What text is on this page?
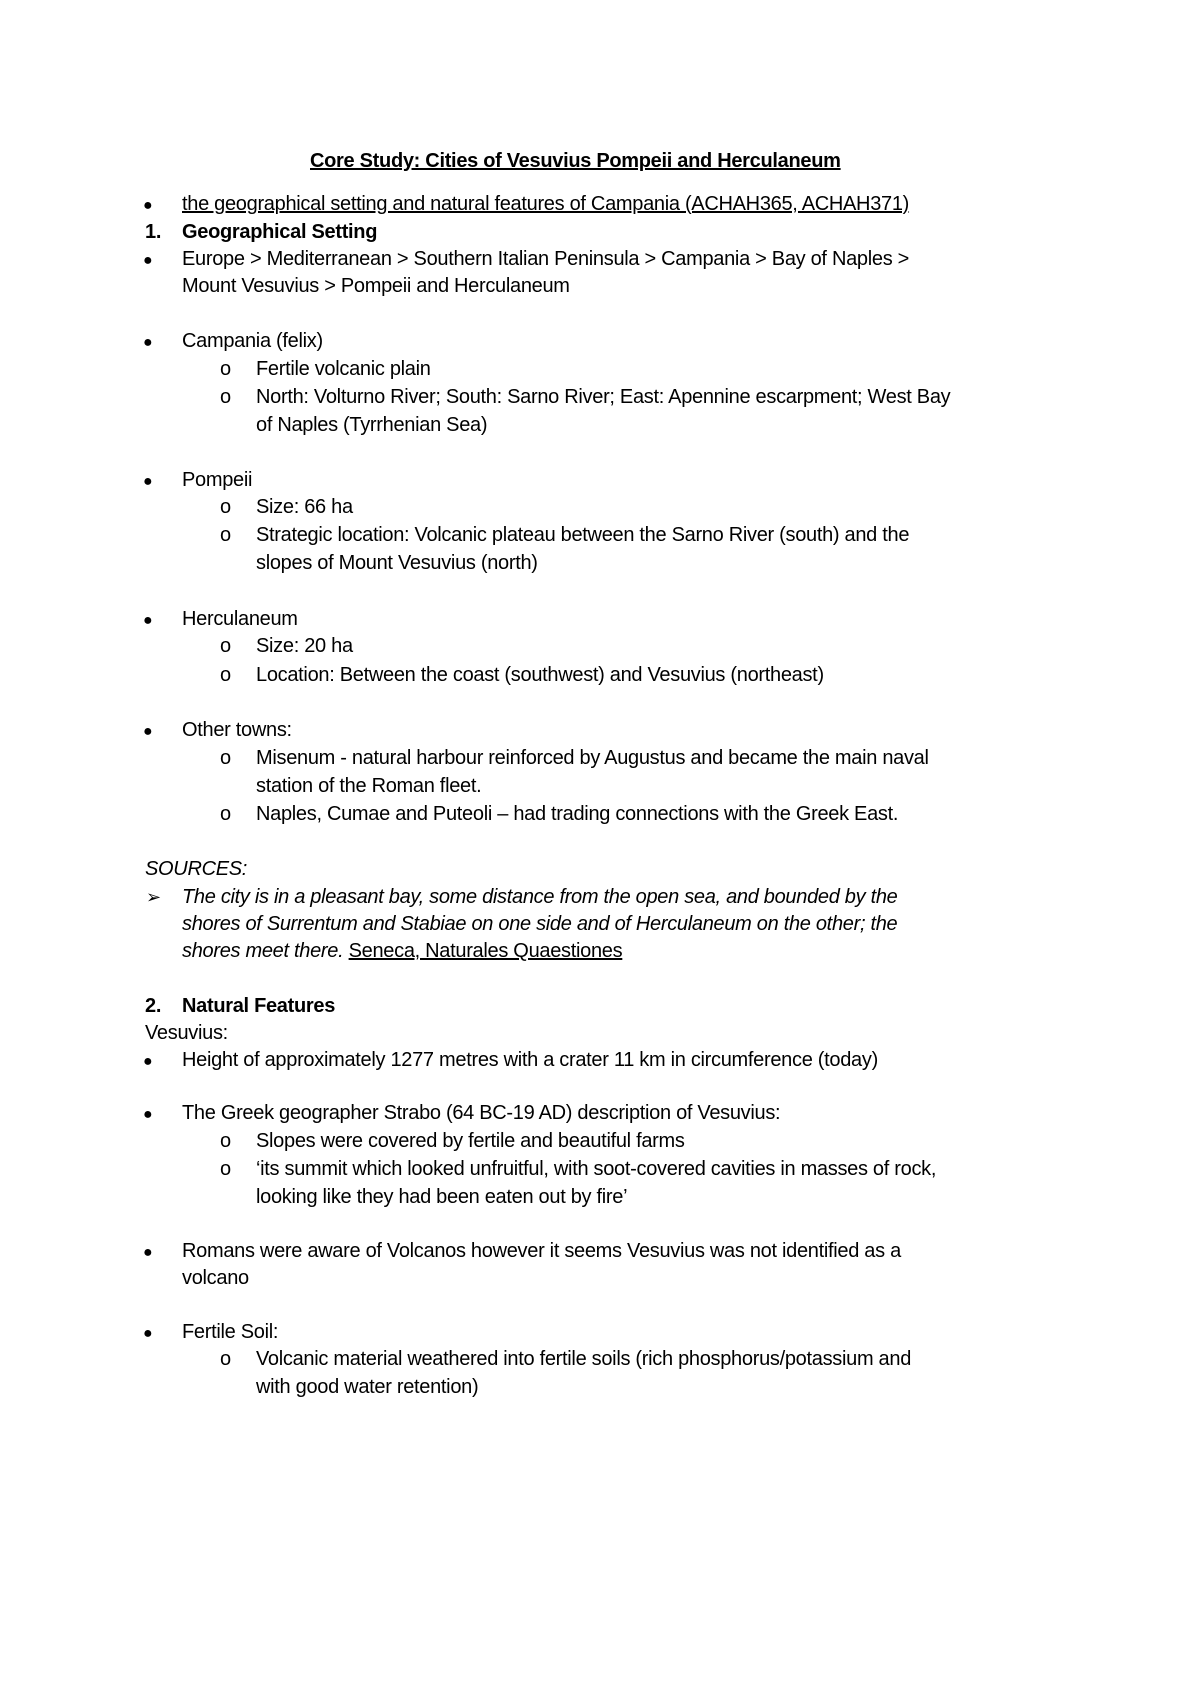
Core Study: Cities of Vesuvius Pompeii and Herculaneum
● the geographical setting and natural features of Campania (ACHAH365, ACHAH371)
1. Geographical Setting
● Europe > Mediterranean > Southern Italian Peninsula > Campania > Bay of Naples >
Mount Vesuvius > Pompeii and Herculaneum
● Campania (felix)
o Fertile volcanic plain
o North: Volturno River; South: Sarno River; East: Apennine escarpment; West Bay
of Naples (Tyrrhenian Sea)
● Pompeii
o Size: 66 ha
o Strategic location: Volcanic plateau between the Sarno River (south) and the
slopes of Mount Vesuvius (north)
● Herculaneum
o Size: 20 ha
o Location: Between the coast (southwest) and Vesuvius (northeast)
● Other towns:
o Misenum - natural harbour reinforced by Augustus and became the main naval
station of the Roman fleet.
o Naples, Cumae and Puteoli – had trading connections with the Greek East.
SOURCES:
➢ The city is in a pleasant bay, some distance from the open sea, and bounded by the
shores of Surrentum and Stabiae on one side and of Herculaneum on the other; the
shores meet there. Seneca, Naturales Quaestiones
2. Natural Features
Vesuvius:
● Height of approximately 1277 metres with a crater 11 km in circumference (today)
● The Greek geographer Strabo (64 BC-19 AD) description of Vesuvius:
o Slopes were covered by fertile and beautiful farms
o ‘its summit which looked unfruitful, with soot-covered cavities in masses of rock,
looking like they had been eaten out by fire’
● Romans were aware of Volcanos however it seems Vesuvius was not identified as a
volcano
● Fertile Soil:
o Volcanic material weathered into fertile soils (rich phosphorus/potassium and
with good water retention)
